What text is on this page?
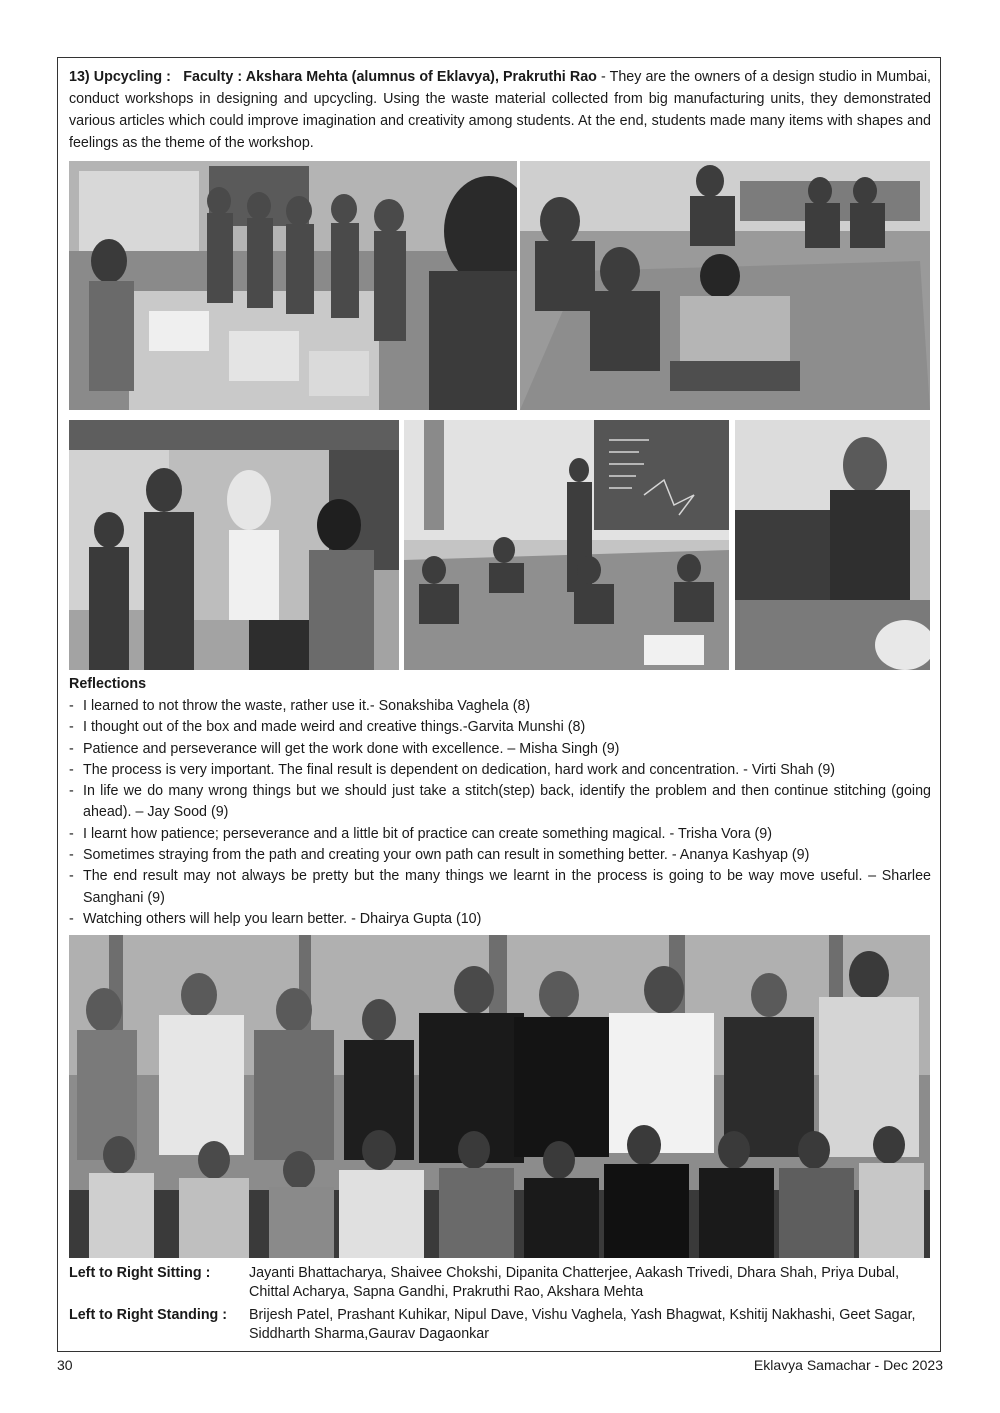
13) Upcycling : Faculty : Akshara Mehta (alumnus of Eklavya), Prakruthi Rao - They are the owners of a design studio in Mumbai, conduct workshops in designing and upcycling. Using the waste material collected from big manufacturing units, they demonstrated various articles which could improve imagination and creativity among students. At the end, students made many items with shapes and feelings as the theme of the workshop.

Reflections
- I learned to not throw the waste, rather use it.- Sonakshiba Vaghela (8)
- I thought out of the box and made weird and creative things.-Garvita Munshi (8)
- Patience and perseverance will get the work done with excellence. – Misha Singh (9)
- The process is very important. The final result is dependent on dedication, hard work and concentration. - Virti Shah (9)
- In life we do many wrong things but we should just take a stitch(step) back, identify the problem and then continue stitching (going ahead). – Jay Sood (9)
- I learnt how patience; perseverance and a little bit of practice can create something magical. - Trisha Vora (9)
- Sometimes straying from the path and creating your own path can result in something better. - Ananya Kashyap (9)
- The end result may not always be pretty but the many things we learnt in the process is going to be way move useful. – Sharlee Sanghani (9)
- Watching others will help you learn better. - Dhairya Gupta (10)
Left to Right Sitting :	Jayanti Bhattacharya, Shaivee Chokshi, Dipanita Chatterjee, Aakash Trivedi, Dhara Shah, Priya Dubal, Chittal Acharya, Sapna Gandhi, Prakruthi Rao, Akshara Mehta
Left to Right Standing :	Brijesh Patel, Prashant Kuhikar, Nipul Dave, Vishu Vaghela, Yash Bhagwat, Kshitij Nakhashi, Geet Sagar, Siddharth Sharma,Gaurav Dagaonkar
30	Eklavya Samachar - Dec 2023
